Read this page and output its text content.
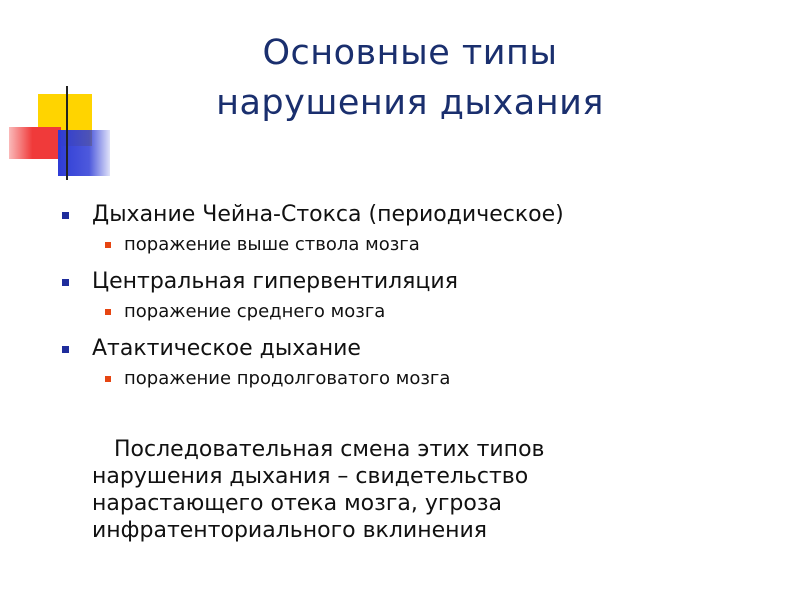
Основные типы
нарушения дыхания
Дыхание Чейна-Стокса (периодическое)
поражение выше ствола мозга
Центральная гипервентиляция
поражение среднего мозга
Атактическое дыхание
поражение продолговатого мозга
Последовательная смена этих типов
нарушения дыхания – свидетельство
нарастающего отека мозга, угроза
инфратенториального вклинения
